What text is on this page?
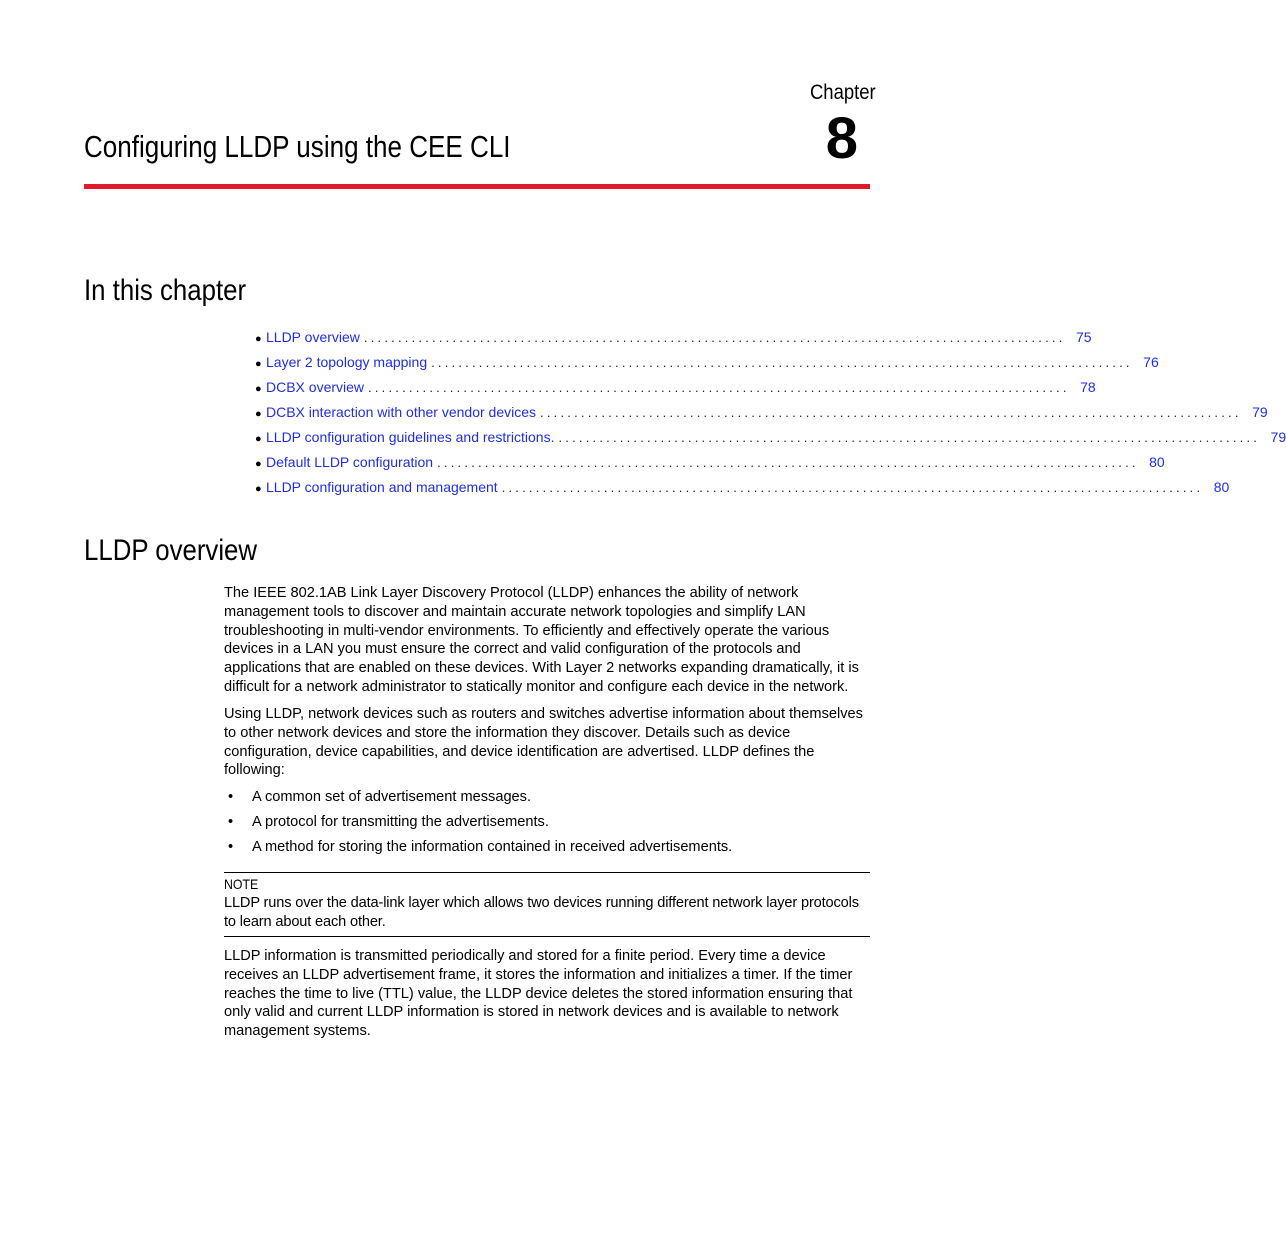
Chapter
8
Configuring LLDP using the CEE CLI
In this chapter
● LLDP overview ....................................................................................................... 75
● Layer 2 topology mapping ....................................................................................................... 76
● DCBX overview ....................................................................................................... 78
● DCBX interaction with other vendor devices ....................................................................................................... 79
● LLDP configuration guidelines and restrictions. ....................................................................................................... 79
● Default LLDP configuration ....................................................................................................... 80
● LLDP configuration and management ....................................................................................................... 80
LLDP overview

The IEEE 802.1AB Link Layer Discovery Protocol (LLDP) enhances the ability of network

management tools to discover and maintain accurate network topologies and simplify LAN

troubleshooting in multi-vendor environments. To efficiently and effectively operate the various

devices in a LAN you must ensure the correct and valid configuration of the protocols and

applications that are enabled on these devices. With Layer 2 networks expanding dramatically, it is

difficult for a network administrator to statically monitor and configure each device in the network.

Using LLDP, network devices such as routers and switches advertise information about themselves

to other network devices and store the information they discover. Details such as device

configuration, device capabilities, and device identification are advertised. LLDP defines the

following:

•	A common set of advertisement messages.
•	A protocol for transmitting the advertisements.
•	A method for storing the information contained in received advertisements.
NOTE
LLDP runs over the data-link layer which allows two devices running different network layer protocols
to learn about each other.

LLDP information is transmitted periodically and stored for a finite period. Every time a device

receives an LLDP advertisement frame, it stores the information and initializes a timer. If the timer

reaches the time to live (TTL) value, the LLDP device deletes the stored information ensuring that

only valid and current LLDP information is stored in network devices and is available to network

management systems.
